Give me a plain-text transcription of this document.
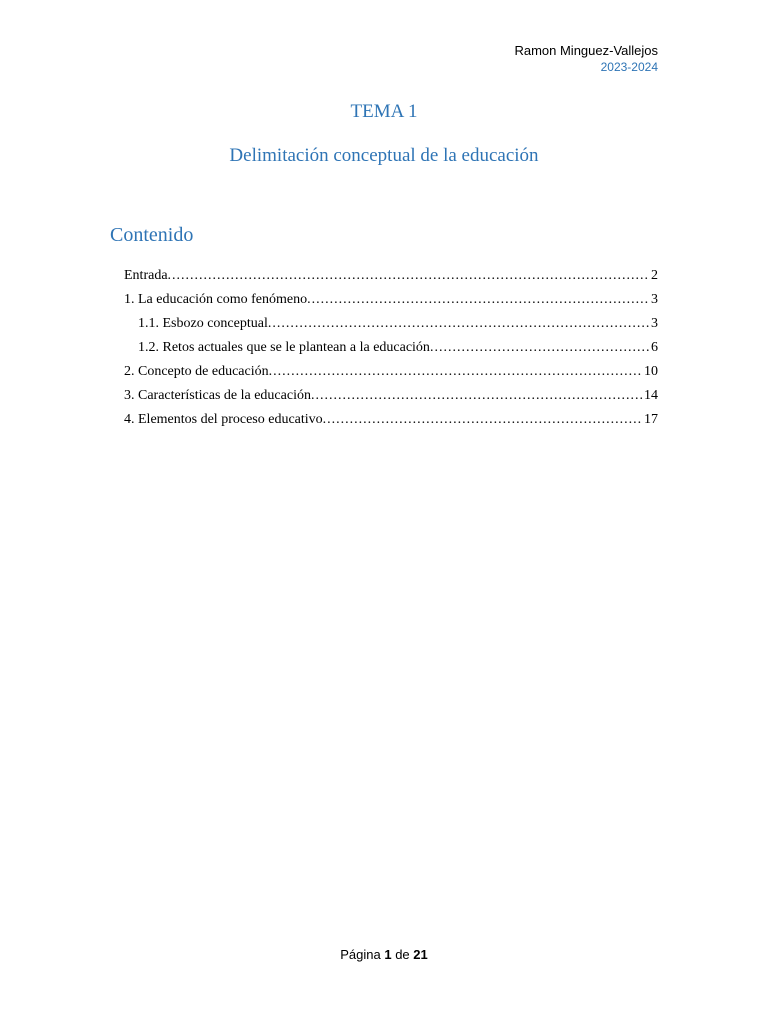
Ramon Minguez-Vallejos
2023-2024
TEMA 1
Delimitación conceptual de la educación
Contenido
Entrada .....	2
1. La educación como fenómeno .....	3
1.1. Esbozo conceptual .....	3
1.2. Retos actuales que se le plantean a la educación .....	6
2. Concepto de educación .....	10
3. Características de la educación .....	14
4. Elementos del proceso educativo .....	17
Página 1 de 21
